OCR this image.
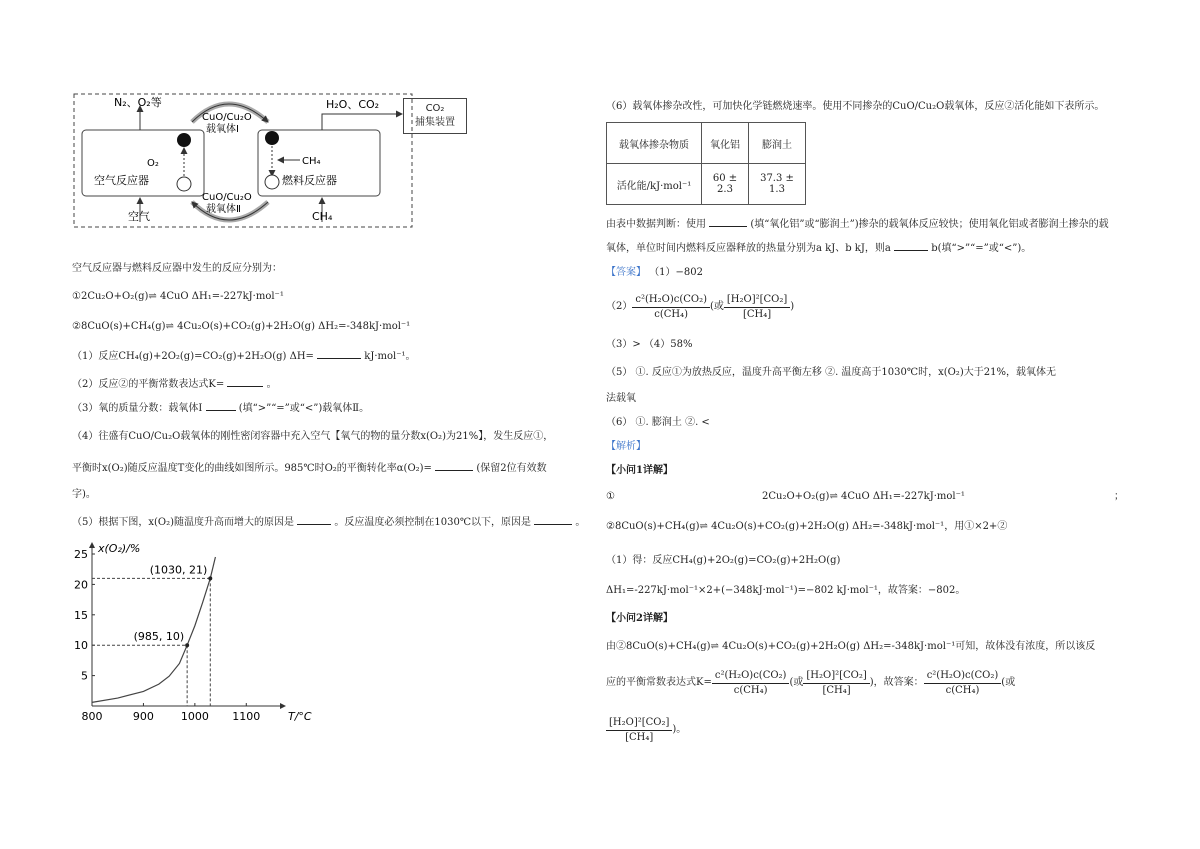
N₂、O₂等
CuO/Cu₂O
载氧体Ⅰ
O₂
空气反应器
CuO/Cu₂O
载氧体Ⅱ
空气
CH₄
燃料反应器
CH₄
H₂O、CO₂	CO₂
捕集装置
空气反应器与燃料反应器中发生的反应分别为：
①2Cu₂O+O₂(g)⇌ 4CuO ΔH₁=-227kJ·mol⁻¹
②8CuO(s)+CH₄(g)⇌ 4Cu₂O(s)+CO₂(g)+2H₂O(g) ΔH₂=-348kJ·mol⁻¹
（1）反应CH₄(g)+2O₂(g)=CO₂(g)+2H₂O(g) ΔH=	kJ·mol⁻¹。
（2）反应②的平衡常数表达式K=	。
（3）氧的质量分数：载氧体Ⅰ	(填“>”“=”或“<”)载氧体Ⅱ。
（4）往盛有CuO/Cu₂O载氧体的刚性密闭容器中充入空气【氧气的物的量分数x(O₂)为21%】，发生反应①，
平衡时x(O₂)随反应温度T变化的曲线如图所示。985℃时O₂的平衡转化率α(O₂)=	(保留2位有效数
字)。
（5）根据下图，x(O₂)随温度升高而增大的原因是	。反应温度必须控制在1030℃以下，原因是	。
800	900 1000 1100
5
10
15
20
25
T/°C
x(O₂)/%
(1030, 21)
(985, 10)
（6）载氧体掺杂改性，可加快化学链燃烧速率。使用不同掺杂的CuO/Cu₂O载氧体，反应②活化能如下表所示。
载氧体掺杂物质	氧化铝	膨润土
活化能/kJ·mol⁻¹	60 ± 2.3	37.3 ± 1.3
由表中数据判断：使用	(填“氧化铝”或“膨润土”)掺杂的载氧体反应较快；使用氧化铝或者膨润土掺杂的载
氧体，单位时间内燃料反应器释放的热量分别为a kJ、b kJ，则a	b(填“>”“=”或“<”)。
【答案】 （1）−802
$(2) \frac{\text{c²(H₂O)c(CO₂)}}{\text{c(CH₄)}}$ (或 $\frac{\text{[H₂O]²[CO₂]}}{\text{[CH₄]}}$ )
（3）> （4）58%
（5） ①. 反应①为放热反应，温度升高平衡左移 ②. 温度高于1030℃时，x(O₂)大于21%，载氧体无
法载氧
（6） ①. 膨润土 ②. <
【解析】
【小问1详解】
①	2Cu₂O+O₂(g)⇌ 4CuO ΔH₁=-227kJ·mol⁻¹	；
②8CuO(s)+CH₄(g)⇌ 4Cu₂O(s)+CO₂(g)+2H₂O(g) ΔH₂=-348kJ·mol⁻¹，用①×2+②
（1）得：反应CH₄(g)+2O₂(g)=CO₂(g)+2H₂O(g)
ΔH₁=-227kJ·mol⁻¹×2+(−348kJ·mol⁻¹)=−802 kJ·mol⁻¹，故答案：−802。
【小问2详解】
由②8CuO(s)+CH₄(g)⇌ 4Cu₂O(s)+CO₂(g)+2H₂O(g) ΔH₂=-348kJ·mol⁻¹可知，故体没有浓度，所以该反
应的平衡常数表达式$K= \frac{\text{c²(H₂O)c(CO₂)}}{\text{c(CH₄)}}$ (或 $\frac{\text{[H₂O]²[CO₂]}}{\text{[CH₄]}}$ )，故答案： $\frac{\text{c²(H₂O)c(CO₂)}}{\text{c(CH₄)}}$ (或
$\frac{\text{[H₂O]²[CO₂]}}{\text{[CH₄]}}$ )。
